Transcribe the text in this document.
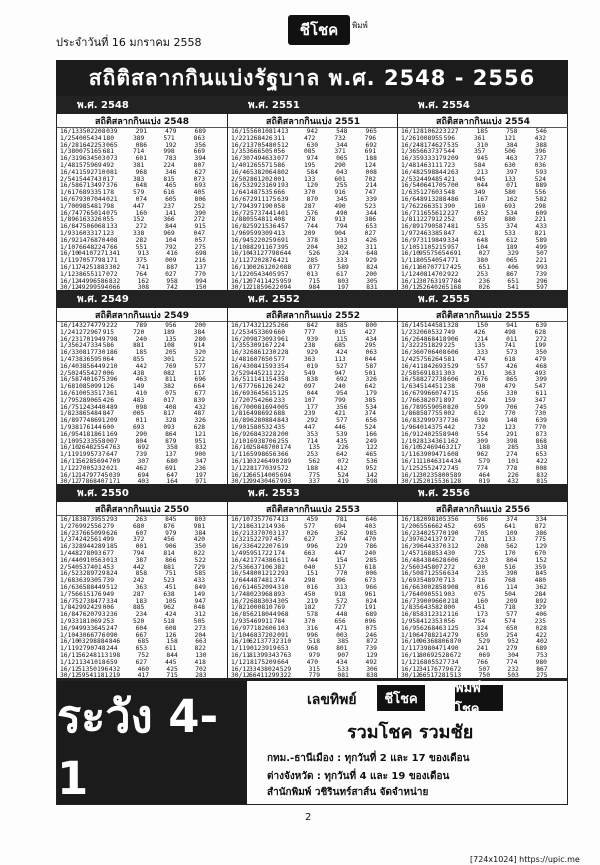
ประจำวันที่ 16 มกราคม 2558
ชีโชค	พิมพ์
สถิติสลากกินแบ่งรัฐบาล พ.ศ. 2548 - 2556
พ.ศ. 2548
สถิติสลากกินแบ่ง 2548
16/1 335022 08 039	291	479	689
1/2 540054 34 180	389	571	863
16/2 816422 53 065	086	192	356
1/3 800751 65 681	714	998	669
16/3 196345 03 073	601	783	394
1/4 815759 69 492	381	224	807
16/4 115927 10 081	968	346	627
2/5 415447 43 017	383	815	073
16/5 867134 97 376	648	465	693
1/6 176893 35 178	579	616	405
16/6 793070 44 021	074	605	806
1/7 009854 81 798	447	237	252
16/7 477650 14 075	160	141	390
1/8 961633 26 055	152	366	272
16/8 475060 68 133	272	844	915
1/9 316033 17 123	338	969	047
16/9 214768 70 408	282	104	057
1/10 766482 24 766	551	792	275
16/10 041072 71 341	913	416	698
1/11 970577 98 171	375	009	216
16/11 742518 83 302	741	887	137
1/12 386551 17 072	764	027	770
16/12 449965 86 832	162	958	994
30/12 492995 94 066	308	742	150
พ.ศ. 2549
สถิติสลากกินแบ่ง 2549
16/1 432747 79 222	789	956	200
1/2 412729 67 915	720	189	384
16/2 317019 49 798	240	135	280
1/3 562473 34 586	881	108	914
16/3 308177 30 186	185	205	320
1/4 738365 95 064	855	301	522
16/4 038564 49 210	442	769	577
2/5 024554 27 006	438	082	117
16/5 874016 75 396	463	811	696
1/6 810850 99 126	149	382	664
16/6 100535 17 361	410	075	677
1/7 952890 65 426	483	017	839
16/7 512434 40 489	098	408	432
1/8 238654 84 847	005	817	487
16/8 977486 91 209	011	328	326
1/9 381761 44 600	693	093	628
16/9 541818 61 169	290	864	121
1/10 952335 58 007	804	879	951
16/10 264825 54 763	692	358	832
1/11 919957 37 647	739	137	900
16/11 562856 94 709	307	680	347
1/12 270052 32 021	462	691	236
16/12 147977 45 039	694	647	197
30/12 778684 07 171	403	164	971
พ.ศ. 2550
สถิติสลากกินแบ่ง 2550
16/1 838739 55 293	263	845	803
1/2 769925 56 279	680	876	981
16/2 376650 99 626	607	979	384
1/3 742425 61 499	372	456	420
16/3 289442 89 185	001	906	350
1/4 482780 93 677	794	814	022
16/4 409105 63 013	387	866	522
2/5 405374 01 453	442	881	729
16/5 232897 29 824	858	751	585
1/6 836393 05 739	242	523	433
16/6 365884 49 512	363	451	849
1/7 566151 76 949	287	638	149
16/7 527384 77 334	183	105	947
1/8 429924 29 006	885	962	048
16/8 476207 93 236	234	424	312
1/9 331810 69 253	520	518	505
16/9 499336 45 247	604	608	273
1/10 430667 76 090	667	126	204
16/10 032988 84 846	685	158	663
1/11 927907 48 244	653	611	822
16/11 562481 13 198	752	844	130
1/12 113410 18 659	627	445	418
16/12 513501 96 432	460	425	702
30/12 595411 81 219	417	715	283
พ.ศ. 2551
สถิติสลากกินแบ่ง 2551
16/1 556010 81 413	942	548	965
1/2 212684 26 311	472	732	796
16/2 137054 80 512	630	344	692
1/3 536665 05 056	085	371	691
16/3 074946 33 077	974	065	188
1/4 012655 71 586	195	290	124
16/4 653820 64 802	584	043	008
2/5 028612 02 001	133	601	702
16/5 329231 69 193	120	255	214
1/6 414875 35 666	370	916	747
16/6 729111 75 639	870	345	339
1/7 943971 90 058	287	490	523
16/7 257374 41 401	576	490	344
1/8 805548 11 408	278	913	386
16/8 259215 36 457	744	794	653
1/9 695993 09 413	209	904	027
16/9 452202 59 691	378	133	426
1/10 882911 67 395	204	302	311
16/10 431277 98 644	526	324	648
1/11 272028 76 421	285	333	929
16/11 002612 02 088	877	589	824
1/12 205434 05 957	013	617	200
16/12 074114 25 959	715	803	305
30/12 218596 22 094	984	197	831
พ.ศ. 2552
สถิติสลากกินแบ่ง 2552
16/1 743212 25 266	842	885	800
1/2 534533 69 660	777	015	427
16/2 098730 93 961	939	115	434
1/3 553091 67 224	238	685	295
16/3 268612 30 228	929	424	063
1/4 816076 50 577	363	113	044
16/4 308415 93 354	019	527	587
2/5 294452 11 222	549	947	501
16/5 111411 54 358	838	692	326
1/6 777661 26 242	097	240	642
16/6 936456 15 125	044	954	179
1/7 207542 66 233	107	799	385
16/7 000816 94 005	177	356	534
1/8 164986 92 688	239	421	374
16/8 962808 84 843	292	577	656
1/9 015805 32 435	447	446	524
16/9 268432 28 200	353	539	166
1/10 169387 06 255	714	435	249
16/10 258487 00 174	135	226	122
1/11 659986 56 366	253	642	465
16/11 032464 90 289	562	072	536
1/12 281770 39 572	188	412	952
16/12 665140 05 694	775	524	142
30/12 994304 67 993	337	419	598
พ.ศ. 2553
สถิติสลากกินแบ่ง 2553
16/1 073577 67 413	459	781	646
1/2 186312 14 936	577	694	403
16/2 133707 03 137	026	362	985
1/3 215227 97 457	627	374	470
16/3 364222 07 619	996	229	786
1/4 959517 22 174	663	447	240
16/4 217743 86 611	744	154	285
2/5 366371 06 382	040	517	618
16/5 480012 12 293	151	770	006
1/6 444874 81 374	298	996	673
16/6 146520 94 310	016	313	966
1/7 480239 68 893	450	918	961
16/7 268830 34 305	219	572	024
1/8 210008 10 769	182	727	191
16/8 562180 44 968	578	448	689
1/9 354699 11 784	370	656	096
16/9 771826 06 103	316	471	075
1/10 468372 02 091	996	003	246
16/10 621377 32 310	518	385	872
1/11 901239 19 653	968	801	739
16/11 813993 43 763	979	907	129
1/12 181752 09 664	470	434	492
16/12 334380 24 529	315	533	306
30/12 664112 99 322	779	081	838
พ.ศ. 2554
สถิติสลากกินแบ่ง 2554
16/1 281062 23 227	185	758	546
1/2 610089 55 596	361	121	432
16/2 481746 27 535	310	384	388
1/3 656637 37 544	357	506	396
16/3 593331 79 209	945	463	737
1/4 814631 11 723	584	630	036
16/4 825988 44 263	213	397	593
2/5 324494 85 421	945	133	524
16/5 406417 05 700	044	071	889
1/6 351276 03 548	349	580	556
16/6 489132 88 486	167	162	582
1/7 622663 51 390	169	693	298
16/7 116556 12 227	052	534	609
1/8 112279 12 252	693	880	221
16/8 917905 87 481	535	374	433
1/9 724633 85 847	621	533	821
16/9 731198 49 334	648	612	589
1/10 511052 15 957	104	189	499
16/10 955756 54 691	027	329	507
1/11 805540 54 771	380	065	221
16/11 607077 17 425	651	406	993
1/12 408147 02 922	253	867	739
16/12 307631 97 784	236	651	296
30/12 526402 65 168	026	541	597
พ.ศ. 2555
สถิติสลากกินแบ่ง 2555
16/1 451445 81 328	150	941	639
1/2 320605 32 749	426	498	628
16/2 648684 18 906	214	011	272
1/3 222518 29 225	135	741	199
16/3 607064 08 606	333	573	350
1/4 257562 64 581	474	618	479
16/4 118426 93 529	557	426	468
2/5 856918 31 303	291	363	493
16/5 882727 38 606	676	865	399
1/6 345144 51 238	790	479	547
16/6 799660 74 715	656	330	611
1/7 663820 71 897	224	159	347
16/7 895590 50 820	599	706	745
1/8 685877 55 002	612	770	730
16/8 329997 37 736	598	148	639
1/9 640143 75 442	732	123	770
16/9 124025 58 940	554	291	873
1/10 281343 61 162	309	398	868
16/10 524694 63 217	188	285	338
1/11 639094 71 608	962	274	653
16/11 110463 14 434	579	101	422
1/12 525524 72 745	774	778	008
16/12 302358 00 589	464	226	832
30/12 520155 36 128	019	432	815
พ.ศ. 2556
สถิติสลากกินแบ่ง 2556
16/1 820981 05 356	586	374	334
1/2 065566 62 452	695	641	872
16/2 340257 70 190	705	109	386
1/3 976241 37 972	721	133	775
16/3 964433 70 312	208	562	129
1/4 571688 53 430	725	170	670
16/4 843846 28 606	223	804	152
2/5 603458 07 272	630	516	359
16/5 087125 56 634	235	390	845
1/6 935489 70 713	716	768	480
16/6 630028 58 908	016	114	362
1/7 640905 51 903	075	504	284
16/7 390096 60 218	160	209	892
1/8 356435 82 800	451	718	329
16/8 583123 12 116	173	577	406
1/9 584123 53 056	754	574	235
16/9 562684 63 125	324	650	028
1/10 647882 14 279	659	254	422
16/10 963688 06 870	529	952	402
1/11 739804 71 490	241	279	689
16/11 806925 28 672	069	304	753
1/12 168055 27 734	766	774	980
16/12 341767 79 672	507	232	867
30/12 665172 81 513	750	503	275
ระวัง 4-1
เลขทิพย์	ชีโชค
พิมพ์โชค
รวมโชค รวมชัย
กทม.-ธานีเมือง : ทุกวันที่ 2 และ 17 ของเดือน
ต่างจังหวัด : ทุกวันที่ 4 และ 19 ของเดือน
สำนักพิมพ์ วชิรินทร์สาส์น จัดจำหน่าย
2
[724x1024] https://upic.me
